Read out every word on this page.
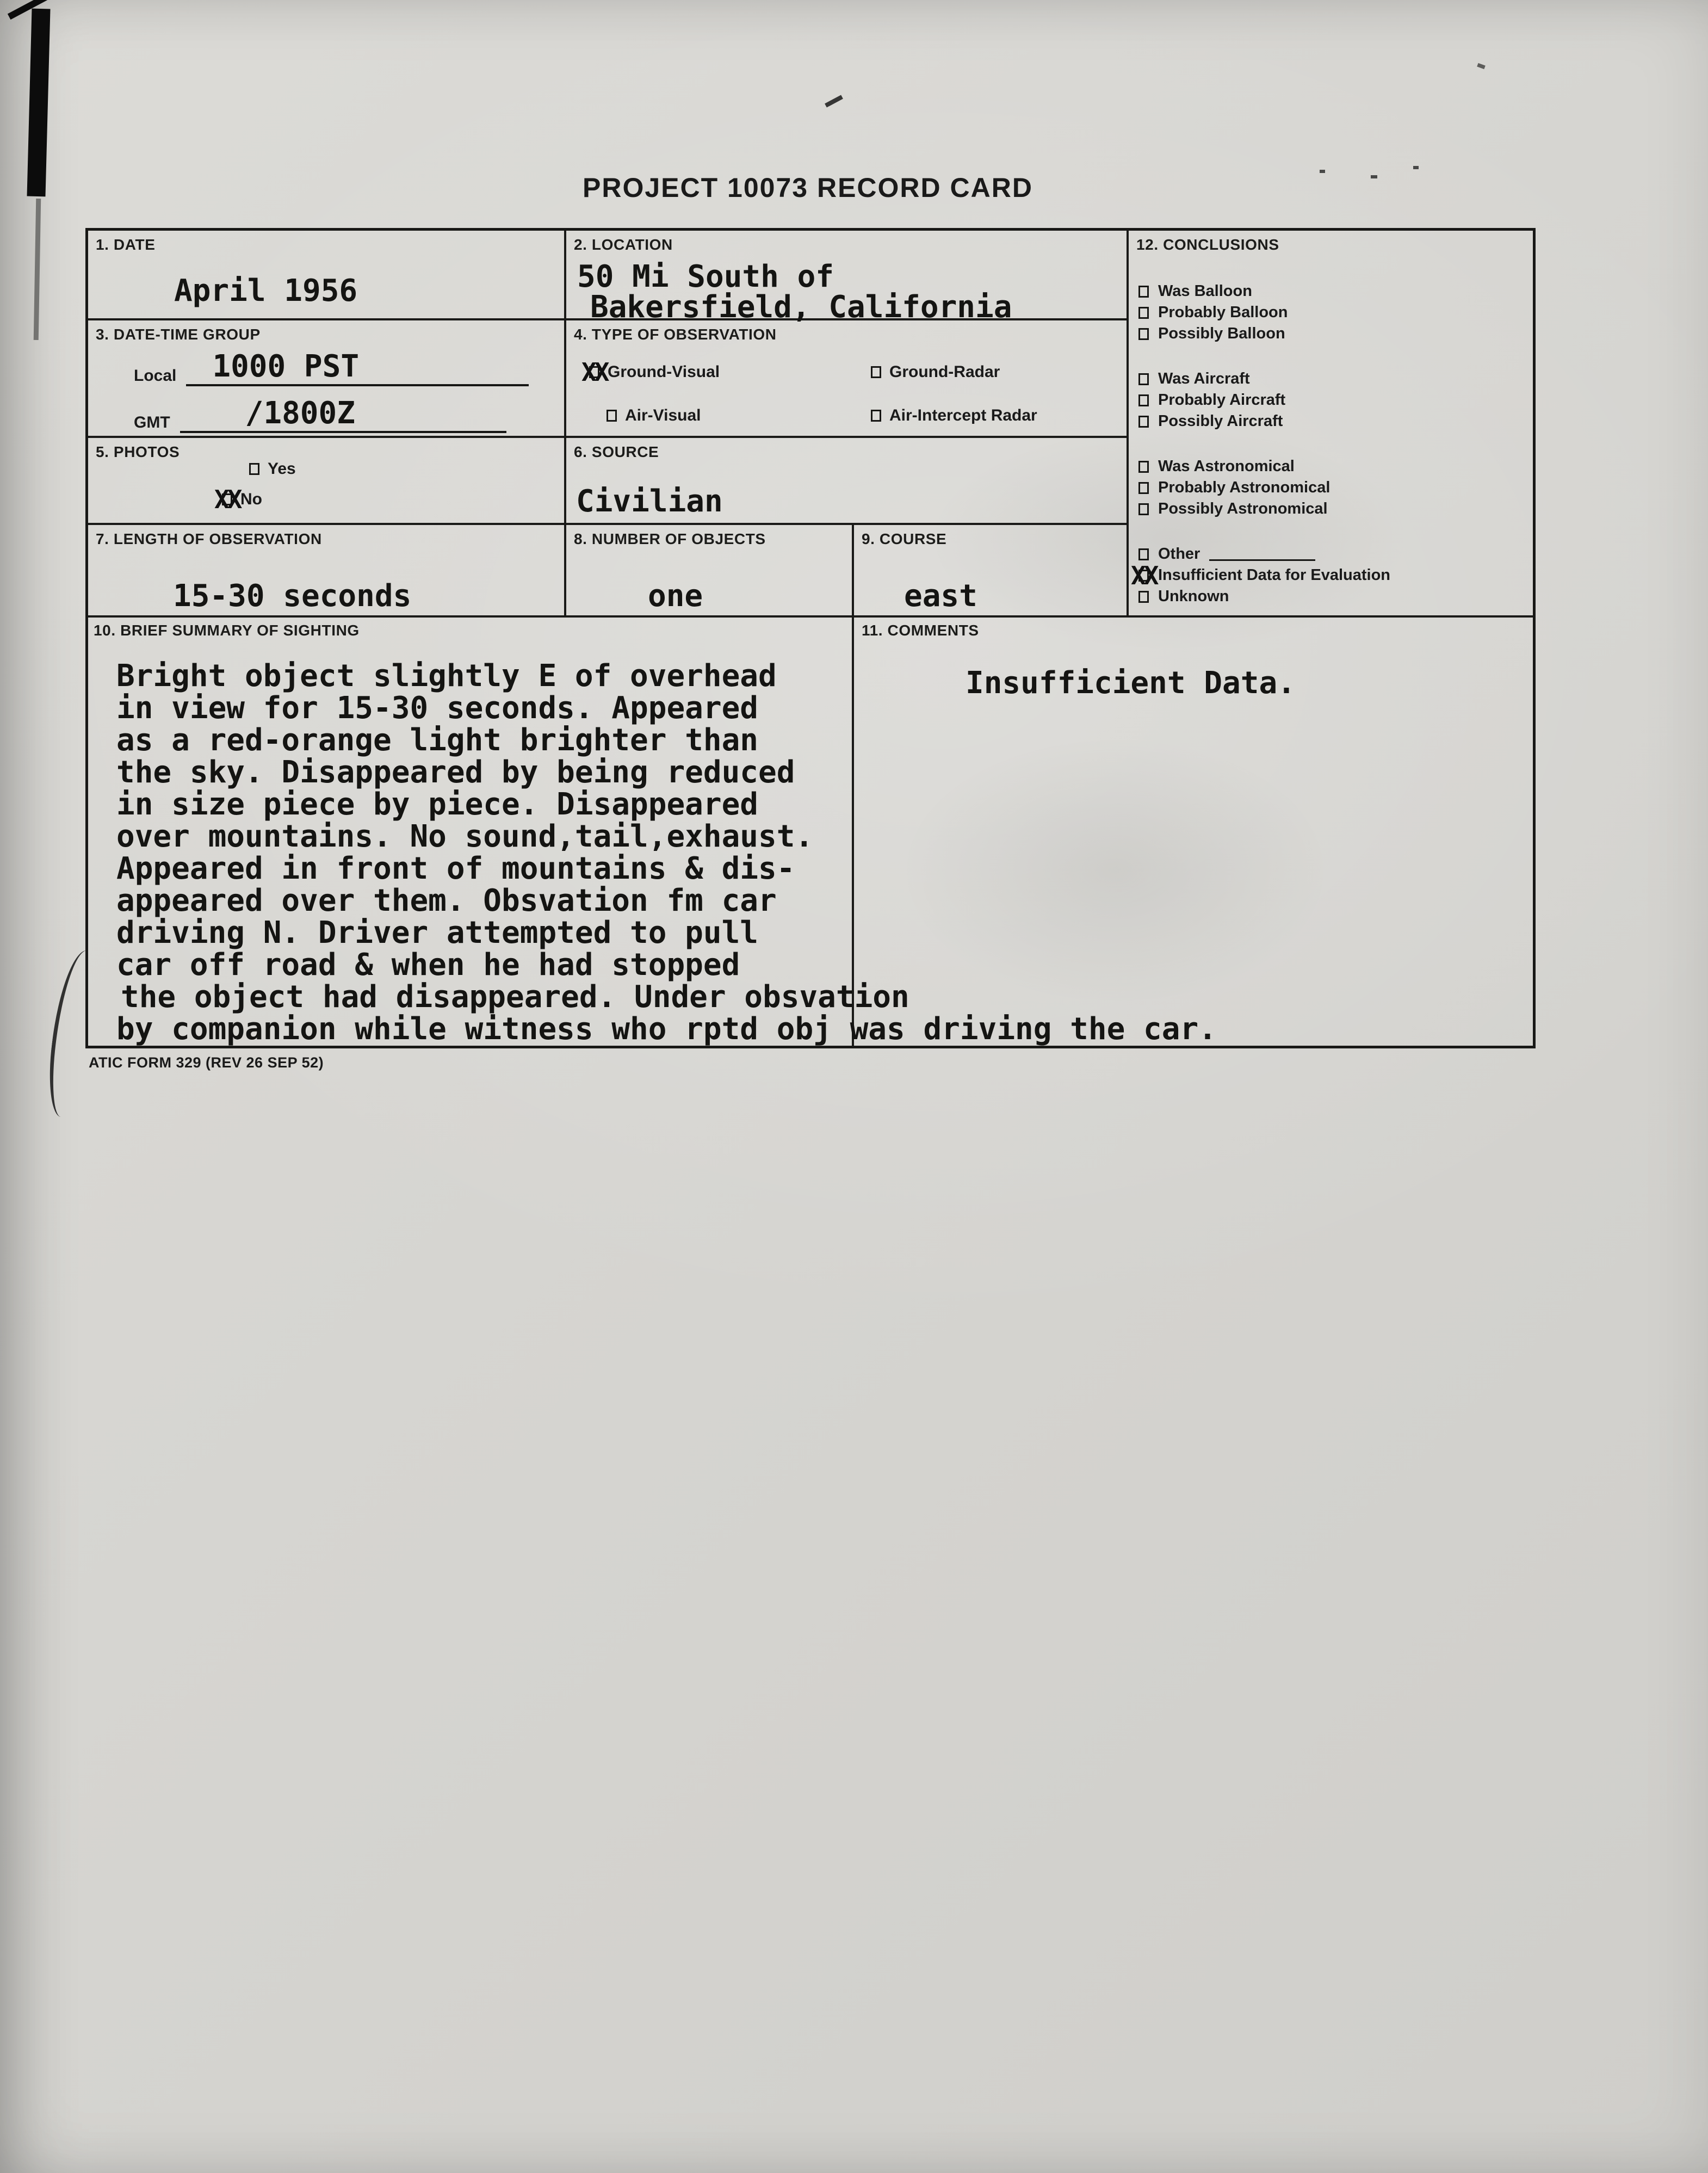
PROJECT 10073 RECORD CARD
1. DATE
April 1956
2. LOCATION
50 Mi South of
Bakersfield, California
3. DATE-TIME GROUP
Local	1000 PST
GMT	/1800Z
4. TYPE OF OBSERVATION
XX Ground-Visual	Ground-Radar
Air-Visual	Air-Intercept Radar
5. PHOTOS
Yes
XX No
6. SOURCE
Civilian
7. LENGTH OF OBSERVATION
15-30 seconds
8. NUMBER OF OBJECTS
one
9. COURSE
east
12. CONCLUSIONS
Was Balloon
Probably Balloon
Possibly Balloon
Was Aircraft
Probably Aircraft
Possibly Aircraft
Was Astronomical
Probably Astronomical
Possibly Astronomical
Other
XX Insufficient Data for Evaluation
Unknown
10. BRIEF SUMMARY OF SIGHTING
Bright object slightly E of overhead
in view for 15-30 seconds. Appeared
as a red-orange light brighter than
the sky. Disappeared by being reduced
in size piece by piece. Disappeared
over mountains. No sound,tail,exhaust.
Appeared in front of mountains & dis-
appeared over them. Obsvation fm car
driving N. Driver attempted to pull
car off road & when he had stopped
the object had disappeared. Under obsvation
by companion while witness who rptd obj was driving the car.
11. COMMENTS
Insufficient Data.
ATIC FORM 329 (REV 26 SEP 52)
